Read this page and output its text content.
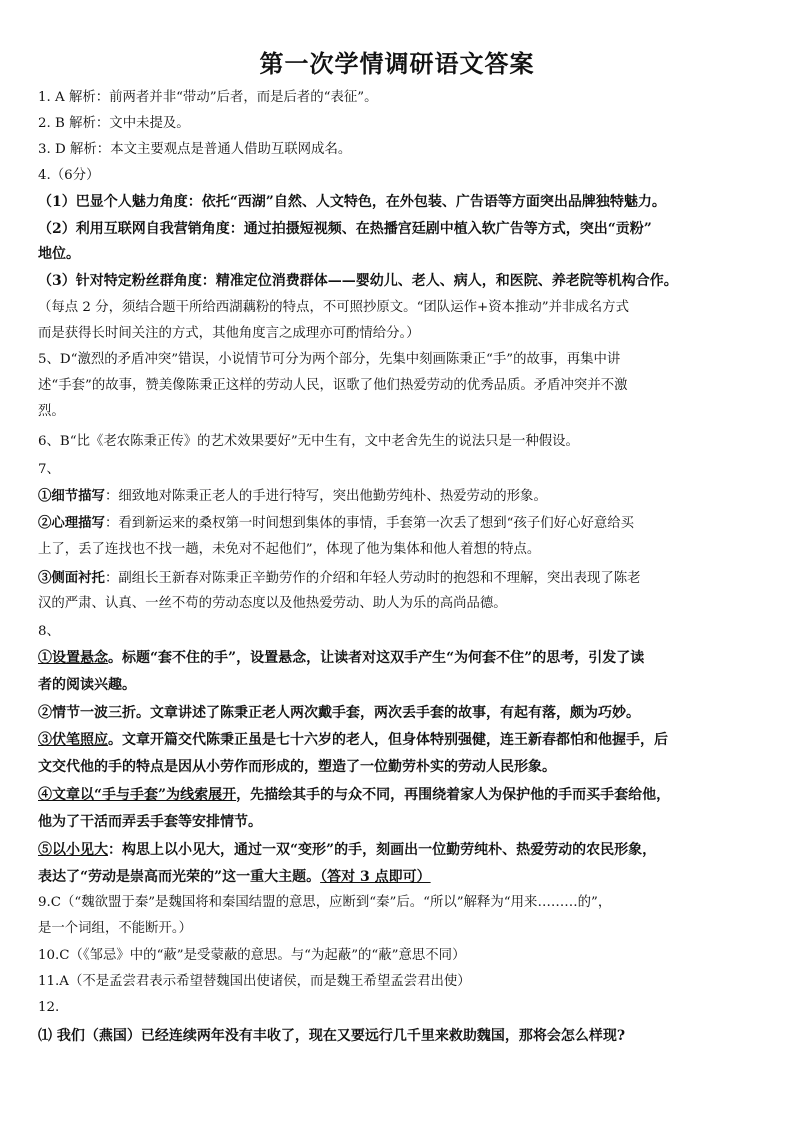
第一次学情调研语文答案
1. A 解析：前两者并非“带动”后者，而是后者的“表征”。
2. B 解析：文中未提及。
3. D 解析：本文主要观点是普通人借助互联网成名。
4.（6分）
（1）巴显个人魅力角度：依托“西湖”自然、人文特色，在外包装、广告语等方面突出品牌独特魅力。
（2）利用互联网自我营销角度：通过拍摄短视频、在热播宫廷剧中植入软广告等方式，突出“贡粉”
地位。
（3）针对特定粉丝群角度：精准定位消费群体——婴幼儿、老人、病人，和医院、养老院等机构合作。
（每点 2 分，须结合题干所给西湖藕粉的特点，不可照抄原文。“团队运作+资本推动”并非成名方式
而是获得长时间关注的方式，其他角度言之成理亦可酌情给分。）
5、D“激烈的矛盾冲突”错误，小说情节可分为两个部分，先集中刻画陈秉正“手”的故事，再集中讲
述“手套”的故事，赞美像陈秉正这样的劳动人民，讴歌了他们热爱劳动的优秀品质。矛盾冲突并不激
烈。
6、B“比《老农陈秉正传》的艺术效果要好”无中生有，文中老舍先生的说法只是一种假设。
7、
①细节描写：细致地对陈秉正老人的手进行特写，突出他勤劳纯朴、热爱劳动的形象。
②心理描写：看到新运来的桑杈第一时间想到集体的事情，手套第一次丢了想到“孩子们好心好意给买
上了，丢了连找也不找一趟，未免对不起他们”，体现了他为集体和他人着想的特点。
③侧面衬托：副组长王新春对陈秉正辛勤劳作的介绍和年轻人劳动时的抱怨和不理解，突出表现了陈老
汉的严肃、认真、一丝不苟的劳动态度以及他热爱劳动、助人为乐的高尚品德。
8、
①设置悬念。标题“套不住的手”，设置悬念，让读者对这双手产生“为何套不住”的思考，引发了读
者的阅读兴趣。
②情节一波三折。文章讲述了陈秉正老人两次戴手套，两次丢手套的故事，有起有落，颇为巧妙。
③伏笔照应。文章开篇交代陈秉正虽是七十六岁的老人，但身体特别强健，连王新春都怕和他握手，后
文交代他的手的特点是因从小劳作而形成的，塑造了一位勤劳朴实的劳动人民形象。
④文章以“手与手套”为线索展开，先描绘其手的与众不同，再围绕着家人为保护他的手而买手套给他，
他为了干活而弄丢手套等安排情节。
⑤以小见大：构思上以小见大，通过一双“变形”的手，刻画出一位勤劳纯朴、热爱劳动的农民形象，
表达了“劳动是崇高而光荣的”这一重大主题。（答对 3 点即可）
9.C（“魏欲盟于秦”是魏国将和秦国结盟的意思，应断到“秦”后。“所以”解释为“用来………的”，
是一个词组，不能断开。）
10.C（《邹忌》中的“蔽”是受蒙蔽的意思。与“为起蔽”的“蔽”意思不同）
11.A（不是孟尝君表示希望替魏国出使诸侯，而是魏王希望孟尝君出使）
12.
⑴ 我们（燕国）已经连续两年没有丰收了，现在又要远行几千里来救助魏国，那将会怎么样现?
